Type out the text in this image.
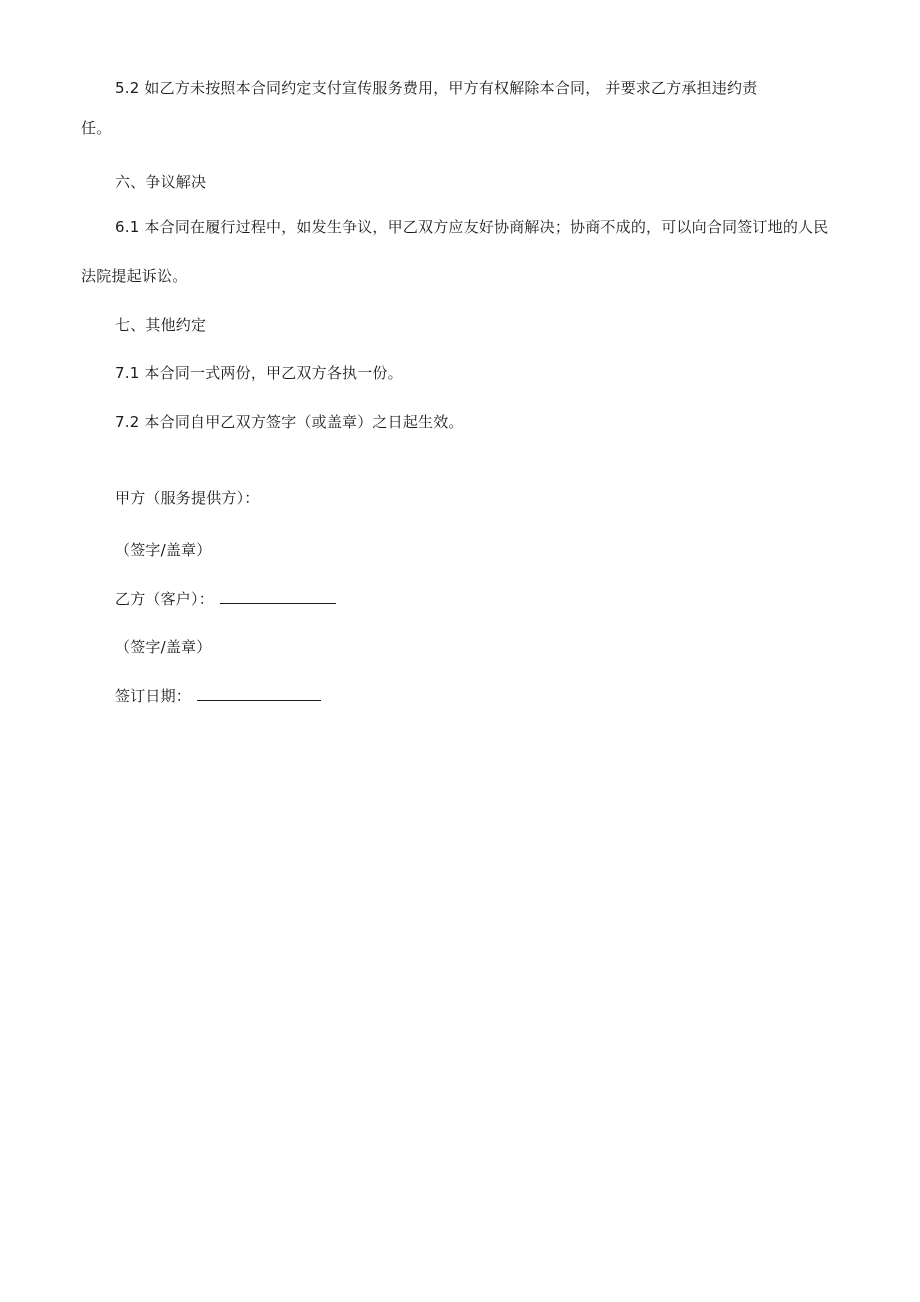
5.2 如乙方未按照本合同约定支付宣传服务费用，甲方有权解除本合同， 并要求乙方承担违约责
任。
六、争议解决
6.1 本合同在履行过程中，如发生争议，甲乙双方应友好协商解决；协商不成的，可以向合同签订地的人民
法院提起诉讼。
七、其他约定
7.1 本合同一式两份，甲乙双方各执一份。
7.2 本合同自甲乙双方签字（或盖章）之日起生效。
甲方（服务提供方）：
（签字/盖章）
乙方（客户）：
（签字/盖章）
签订日期：
